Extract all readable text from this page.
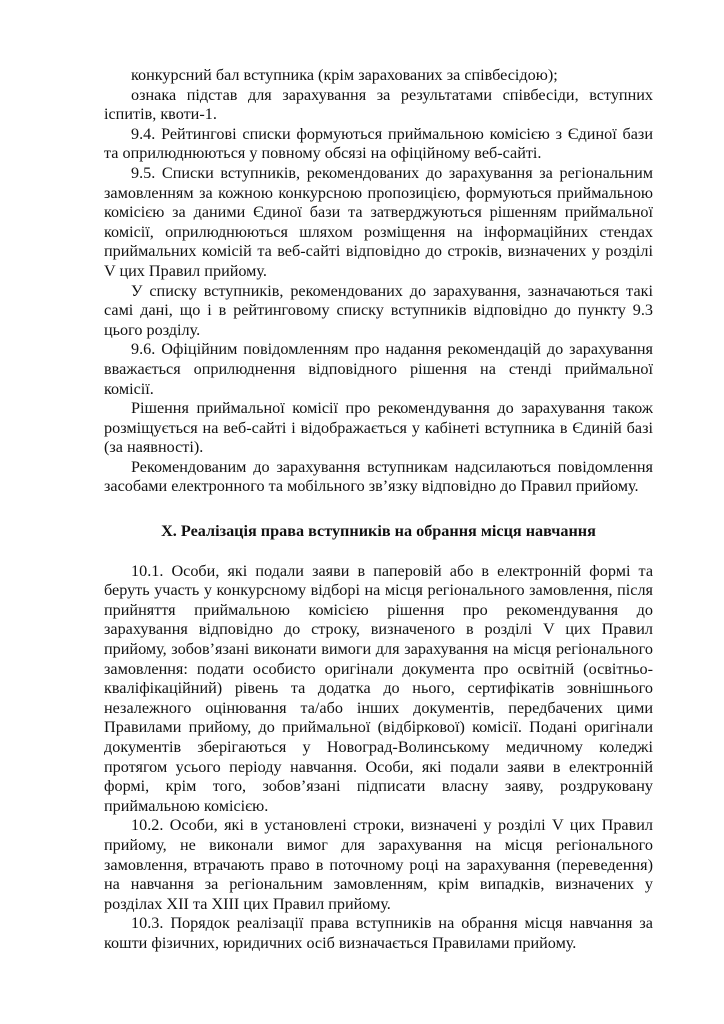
конкурсний бал вступника (крім зарахованих за співбесідою);

ознака підстав для зарахування за результатами співбесіди, вступних іспитів, квоти-1.

9.4. Рейтингові списки формуються приймальною комісією з Єдиної бази та оприлюднюються у повному обсязі на офіційному веб-сайті.

9.5. Списки вступників, рекомендованих до зарахування за регіональним замовленням за кожною конкурсною пропозицією, формуються приймальною комісією за даними Єдиної бази та затверджуються рішенням приймальної комісії, оприлюднюються шляхом розміщення на інформаційних стендах приймальних комісій та веб-сайті відповідно до строків, визначених у розділі V цих Правил прийому.

У списку вступників, рекомендованих до зарахування, зазначаються такі самі дані, що і в рейтинговому списку вступників відповідно до пункту 9.3 цього розділу.

9.6. Офіційним повідомленням про надання рекомендацій до зарахування вважається оприлюднення відповідного рішення на стенді приймальної комісії.

Рішення приймальної комісії про рекомендування до зарахування також розміщується на веб-сайті і відображається у кабінеті вступника в Єдиній базі (за наявності).

Рекомендованим до зарахування вступникам надсилаються повідомлення засобами електронного та мобільного зв’язку відповідно до Правил прийому.

X. Реалізація права вступників на обрання місця навчання

10.1. Особи, які подали заяви в паперовій або в електронній формі та беруть участь у конкурсному відборі на місця регіонального замовлення, після прийняття приймальною комісією рішення про рекомендування до зарахування відповідно до строку, визначеного в розділі V цих Правил прийому, зобов’язані виконати вимоги для зарахування на місця регіонального замовлення: подати особисто оригінали документа про освітній (освітньо-кваліфікаційний) рівень та додатка до нього, сертифікатів зовнішнього незалежного оцінювання та/або інших документів, передбачених цими Правилами прийому, до приймальної (відбіркової) комісії. Подані оригінали документів зберігаються у Новоград-Волинському медичному коледжі протягом усього періоду навчання. Особи, які подали заяви в електронній формі, крім того, зобов’язані підписати власну заяву, роздруковану приймальною комісією.

10.2. Особи, які в установлені строки, визначені у розділі V цих Правил прийому, не виконали вимог для зарахування на місця регіонального замовлення, втрачають право в поточному році на зарахування (переведення) на навчання за регіональним замовленням, крім випадків, визначених у розділах XII та XIII цих Правил прийому.

10.3. Порядок реалізації права вступників на обрання місця навчання за кошти фізичних, юридичних осіб визначається Правилами прийому.
